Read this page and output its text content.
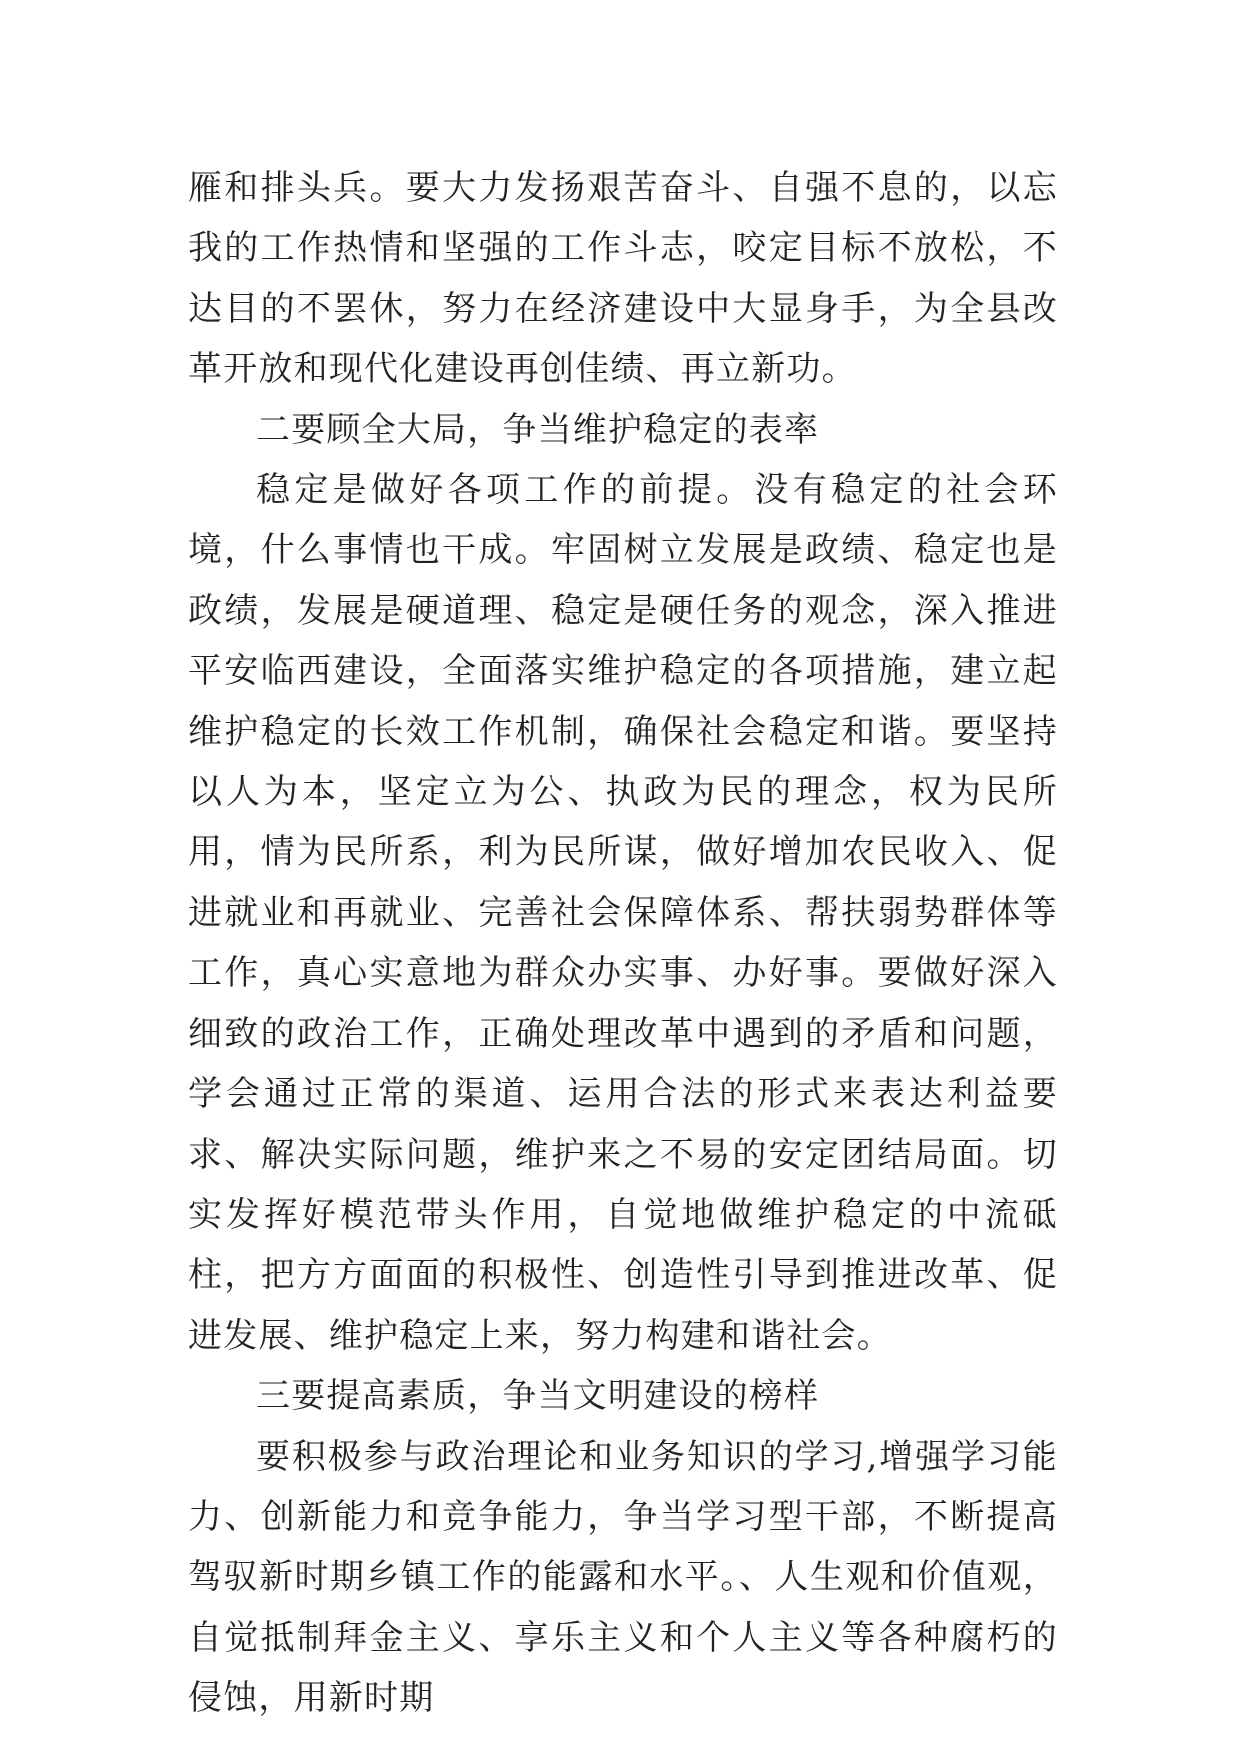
雁和排头兵。要大力发扬艰苦奋斗、自强不息的，以忘我的工作热情和坚强的工作斗志，咬定目标不放松，不达目的不罢休，努力在经济建设中大显身手，为全县改革开放和现代化建设再创佳绩、再立新功。

二要顾全大局，争当维护稳定的表率

稳定是做好各项工作的前提。没有稳定的社会环境，什么事情也干成。牢固树立发展是政绩、稳定也是政绩，发展是硬道理、稳定是硬任务的观念，深入推进平安临西建设，全面落实维护稳定的各项措施，建立起维护稳定的长效工作机制，确保社会稳定和谐。要坚持以人为本，坚定立为公、执政为民的理念，权为民所用，情为民所系，利为民所谋，做好增加农民收入、促进就业和再就业、完善社会保障体系、帮扶弱势群体等工作，真心实意地为群众办实事、办好事。要做好深入细致的政治工作，正确处理改革中遇到的矛盾和问题，学会通过正常的渠道、运用合法的形式来表达利益要求、解决实际问题，维护来之不易的安定团结局面。切实发挥好模范带头作用，自觉地做维护稳定的中流砥柱，把方方面面的积极性、创造性引导到推进改革、促进发展、维护稳定上来，努力构建和谐社会。

三要提高素质，争当文明建设的榜样

要积极参与政治理论和业务知识的学习,增强学习能力、创新能力和竞争能力，争当学习型干部，不断提高驾驭新时期乡镇工作的能露和水平。、人生观和价值观，自觉抵制拜金主义、享乐主义和个人主义等各种腐朽的侵蚀，用新时期
